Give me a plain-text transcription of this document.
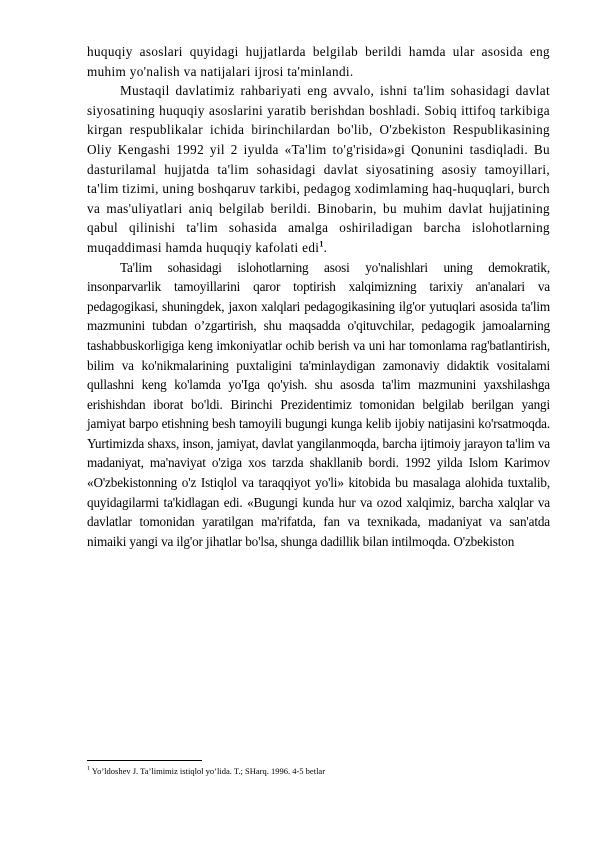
huquqiy asoslari quyidagi hujjatlarda belgilab berildi hamda ular asosida eng muhim yo'nalish va natijalari ijrosi ta'minlandi.

Mustaqil davlatimiz rahbariyati eng avvalo, ishni ta'lim sohasidagi davlat siyosatining huquqiy asoslarini yaratib berishdan boshladi. Sobiq ittifoq tarkibiga kirgan respublikalar ichida birinchilardan bo'lib, O'zbekiston Respublikasining Oliy Kengashi 1992 yil 2 iyulda «Ta'lim to'g'risida»gi Qonunini tasdiqladi. Bu dasturilamal hujjatda ta'lim sohasidagi davlat siyosatining asosiy tamoyillari, ta'lim tizimi, uning boshqaruv tarkibi, pedagog xodimlaming haq-huquqlari, burch va mas'uliyatlari aniq belgilab berildi. Binobarin, bu muhim davlat hujjatining qabul qilinishi ta'lim sohasida amalga oshiriladigan barcha islohotlarning muqaddimasi hamda huquqiy kafolati edi$^1$.

Ta'lim sohasidagi islohotlarning asosi yo'nalishlari uning demokratik, insonparvarlik tamoyillarini qaror toptirish xalqimizning tarixiy an'analari va pedagogikasi, shuningdek, jaxon xalqlari pedagogikasining ilg'or yutuqlari asosida ta'lim mazmunini tubdan o’zgartirish, shu maqsadda o'qituvchilar, pedagogik jamoalarning tashabbuskorligiga keng imkoniyatlar ochib berish va uni har tomonlama rag'batlantirish, bilim va ko'nikmalarining puxtaligini ta'minlaydigan zamonaviy didaktik vositalami qullashni keng ko'lamda yo'Iga qo'yish. shu asosda ta'lim mazmunini yaxshilashga erishishdan iborat bo'ldi. Birinchi Prezidentimiz tomonidan belgilab berilgan yangi jamiyat barpo etishning besh tamoyili bugungi kunga kelib ijobiy natijasini ko'rsatmoqda. Yurtimizda shaxs, inson, jamiyat, davlat yangilanmoqda, barcha ijtimoiy jarayon ta'lim va madaniyat, ma'naviyat o'ziga xos tarzda shakllanib bordi. 1992 yilda Islom Karimov «O'zbekistonning o'z Istiqlol va taraqqiyot yo'li» kitobida bu masalaga alohida tuxtalib, quyidagilarmi ta'kidlagan edi. «Bugungi kunda hur va ozod xalqimiz, barcha xalqlar va davlatlar tomonidan yaratilgan ma'rifatda, fan va texnikada, madaniyat va san'atda nimaiki yangi va ilg'or jihatlar bo'lsa, shunga dadillik bilan intilmoqda. O'zbekiston

$^1$ Yo’ldoshev J. Ta’limimiz istiqlol yo’lida. T.; SHarq. 1996. 4-5 betlar
